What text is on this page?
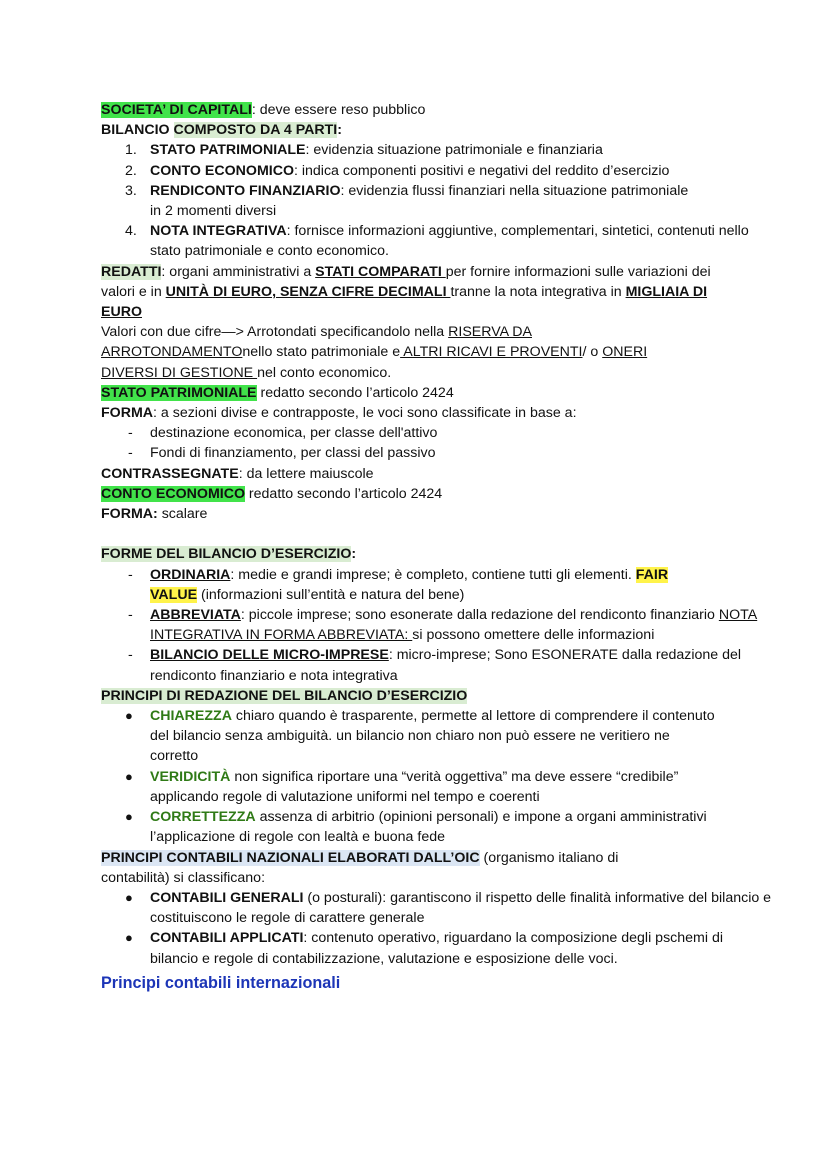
SOCIETA’ DI CAPITALI: deve essere reso pubblico
BILANCIO COMPOSTO DA 4 PARTI:
1. STATO PATRIMONIALE: evidenzia situazione patrimoniale e finanziaria
2. CONTO ECONOMICO: indica componenti positivi e negativi del reddito d’esercizio
3. RENDICONTO FINANZIARIO: evidenzia flussi finanziari nella situazione patrimoniale in 2 momenti diversi
4. NOTA INTEGRATIVA: fornisce informazioni aggiuntive, complementari, sintetici, contenuti nello stato patrimoniale e conto economico.
REDATTI: organi amministrativi a STATI COMPARATI per fornire informazioni sulle variazioni dei valori e in UNITÀ DI EURO, SENZA CIFRE DECIMALI tranne la nota integrativa in MIGLIAIA DI EURO
Valori con due cifre—> Arrotondati specificandolo nella RISERVA DA ARROTONDAMENTOnello stato patrimoniale e ALTRI RICAVI E PROVENTI/ o ONERI DIVERSI DI GESTIONE nel conto economico.
STATO PATRIMONIALE redatto secondo l’articolo 2424
FORMA: a sezioni divise e contrapposte, le voci sono classificate in base a:
-	destinazione economica, per classe dell'attivo
-	Fondi di finanziamento, per classi del passivo
CONTRASSEGNATE: da lettere maiuscole
CONTO ECONOMICO redatto secondo l’articolo 2424
FORMA: scalare
FORME DEL BILANCIO D’ESERCIZIO:
-	ORDINARIA: medie e grandi imprese; è completo, contiene tutti gli elementi. FAIR
VALUE (informazioni sull’entità e natura del bene)
-	ABBREVIATA: piccole imprese; sono esonerate dalla redazione del rendiconto finanziario NOTA INTEGRATIVA IN FORMA ABBREVIATA: si possono omettere delle informazioni
-	BILANCIO DELLE MICRO-IMPRESE: micro-imprese; Sono ESONERATE dalla redazione del rendiconto finanziario e nota integrativa
PRINCIPI DI REDAZIONE DEL BILANCIO D’ESERCIZIO
●	CHIAREZZA chiaro quando è trasparente, permette al lettore di comprendere il contenuto del bilancio senza ambiguità. un bilancio non chiaro non può essere ne veritiero ne corretto
●	VERIDICITÀ non significa riportare una “verità oggettiva” ma deve essere “credibile” applicando regole di valutazione uniformi nel tempo e coerenti
●	CORRETTEZZA assenza di arbitrio (opinioni personali) e impone a organi amministrativi l’applicazione di regole con lealtà e buona fede
PRINCIPI CONTABILI NAZIONALI ELABORATI DALL’OIC (organismo italiano di contabilità) si classificano:
●	CONTABILI GENERALI (o posturali): garantiscono il rispetto delle finalità informative del bilancio e costituiscono le regole di carattere generale
●	CONTABILI APPLICATI: contenuto operativo, riguardano la composizione degli pschemi di bilancio e regole di contabilizzazione, valutazione e esposizione delle voci.
Principi contabili internazionali
